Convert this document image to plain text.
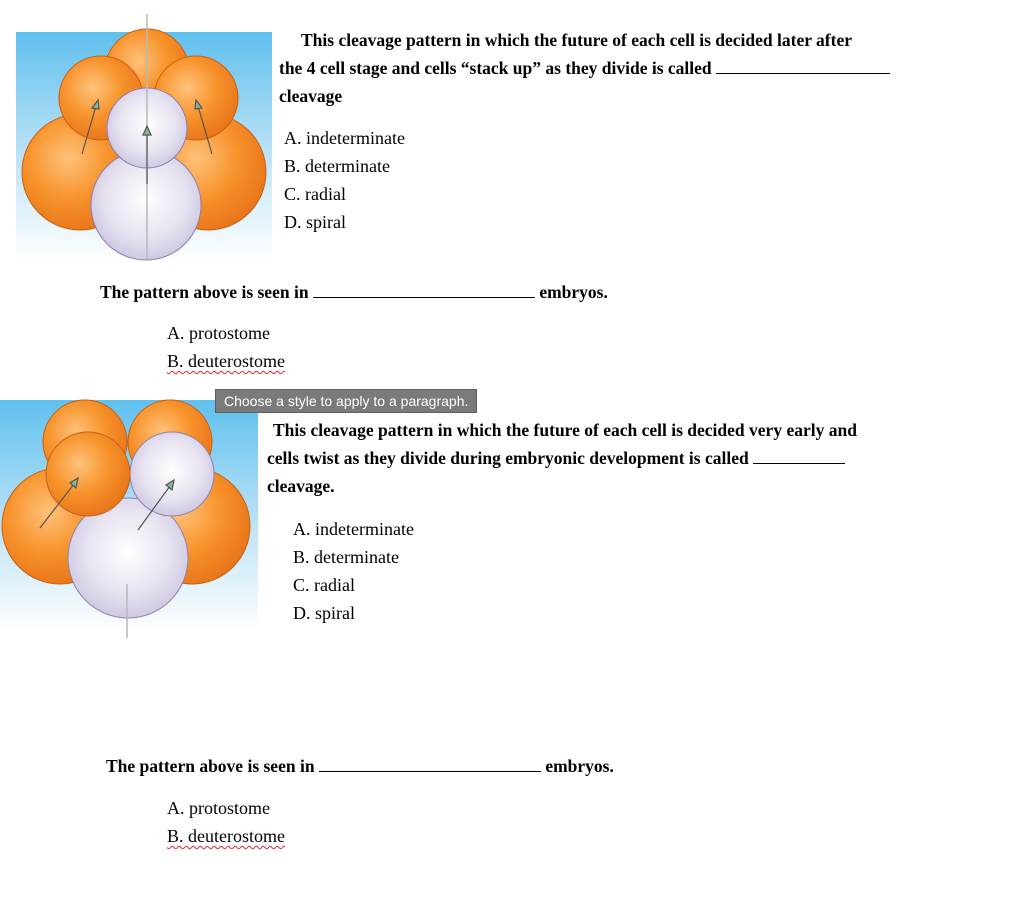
This cleavage pattern in which the future of each cell is decided later after
the 4 cell stage and cells “stack up” as they divide is called
cleavage
A. indeterminate
B. determinate
C. radial
D. spiral
The pattern above is seen in	embryos.
A. protostome
B. deuterostome
Choose a style to apply to a paragraph.
This cleavage pattern in which the future of each cell is decided very early and
cells twist as they divide during embryonic development is called
cleavage.
A. indeterminate
B. determinate
C. radial
D. spiral
The pattern above is seen in	embryos.
A. protostome
B. deuterostome
